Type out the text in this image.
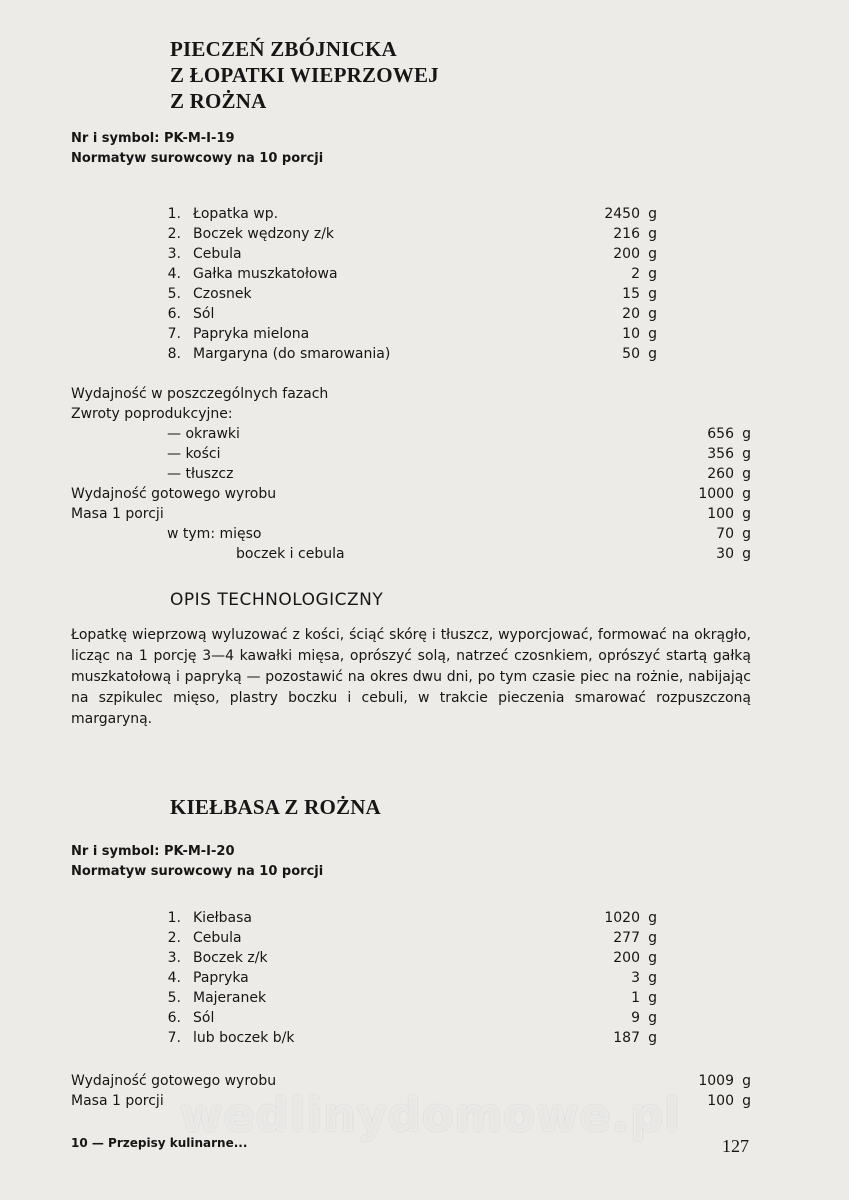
PIECZEŃ ZBÓJNICKA
Z ŁOPATKI WIEPRZOWEJ
Z ROŻNA
Nr i symbol: PK-M-I-19
Normatyw surowcowy na 10 porcji
1. Łopatka wp.	2450 g
2. Boczek wędzony z/k	216 g
3. Cebula	200 g
4. Gałka muszkatołowa	2 g
5. Czosnek	15 g
6. Sól	20 g
7. Papryka mielona	10 g
8. Margaryna (do smarowania)	50 g
Wydajność w poszczególnych fazach
Zwroty poprodukcyjne:
— okrawki	656 g
— kości	356 g
— tłuszcz	260 g
Wydajność gotowego wyrobu	1000 g
Masa 1 porcji	100 g
w tym: mięso	70 g
boczek i cebula	30 g
OPIS TECHNOLOGICZNY

Łopatkę wieprzową wyluzować z kości, ściąć skórę i tłuszcz, wyporcjować, formować na okrągło, licząc na 1 porcję 3—4 kawałki mięsa, oprószyć solą, natrzeć czosnkiem, oprószyć startą gałką muszkatołową i papryką — pozostawić na okres dwu dni, po tym czasie piec na rożnie, nabijając na szpikulec mięso, plastry boczku i cebuli, w trakcie pieczenia smarować rozpuszczoną margaryną.

KIEŁBASA Z ROŻNA
Nr i symbol: PK-M-I-20
Normatyw surowcowy na 10 porcji
1. Kiełbasa	1020 g
2. Cebula	277 g
3. Boczek z/k	200 g
4. Papryka	3 g
5. Majeranek	1 g
6. Sól	9 g
7. lub boczek b/k	187 g
Wydajność gotowego wyrobu	1009 g
Masa 1 porcji	100 g
wedlinydomowe.pl
10 — Przepisy kulinarne...	127
